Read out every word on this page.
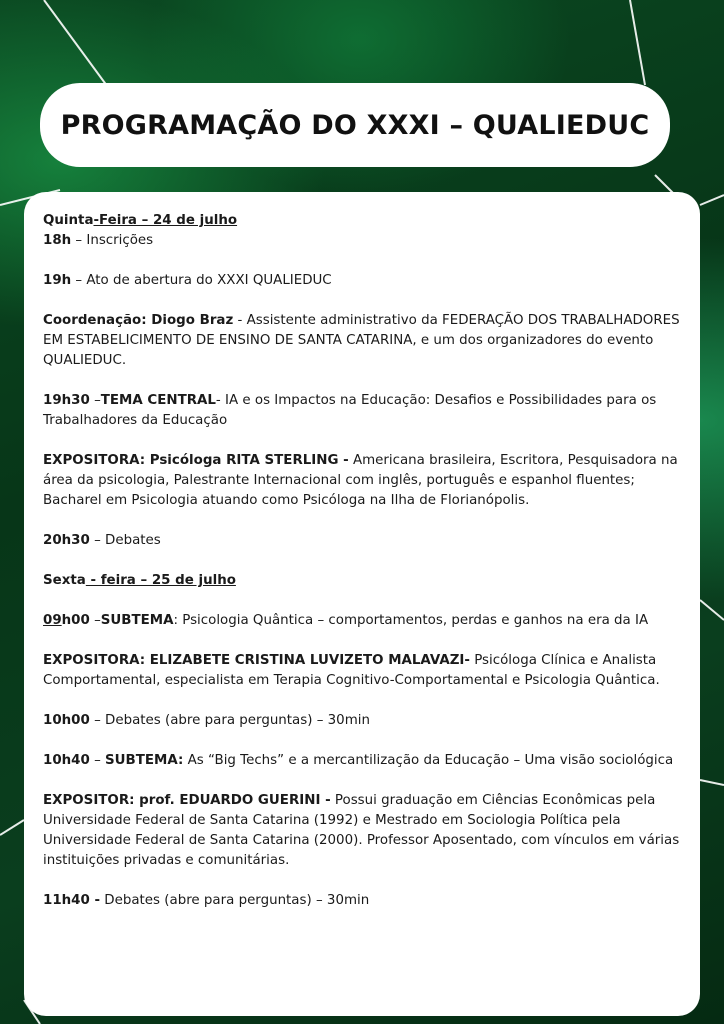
PROGRAMAÇÃO DO XXXI – QUALIEDUC

Quinta-Feira – 24 de julho

18h – Inscrições

19h – Ato de abertura do XXXI QUALIEDUC

Coordenação: Diogo Braz - Assistente administrativo da FEDERAÇÃO DOS TRABALHADORES EM ESTABELICIMENTO DE ENSINO DE SANTA CATARINA, e um dos organizadores do evento QUALIEDUC.

19h30 –TEMA CENTRAL- IA e os Impactos na Educação: Desafios e Possibilidades para os Trabalhadores da Educação

EXPOSITORA: Psicóloga RITA STERLING - Americana brasileira, Escritora, Pesquisadora na área da psicologia, Palestrante Internacional com inglês, português e espanhol fluentes; Bacharel em Psicologia atuando como Psicóloga na Ilha de Florianópolis.

20h30 – Debates

Sexta - feira – 25 de julho

09h00 –SUBTEMA: Psicologia Quântica – comportamentos, perdas e ganhos na era da IA

EXPOSITORA: ELIZABETE CRISTINA LUVIZETO MALAVAZI- Psicóloga Clínica e Analista Comportamental, especialista em Terapia Cognitivo-Comportamental e Psicologia Quântica.

10h00 – Debates (abre para perguntas) – 30min

10h40 – SUBTEMA: As “Big Techs” e a mercantilização da Educação – Uma visão sociológica

EXPOSITOR: prof. EDUARDO GUERINI - Possui graduação em Ciências Econômicas pela Universidade Federal de Santa Catarina (1992) e Mestrado em Sociologia Política pela Universidade Federal de Santa Catarina (2000). Professor Aposentado, com vínculos em várias instituições privadas e comunitárias.

11h40 - Debates (abre para perguntas) – 30min
